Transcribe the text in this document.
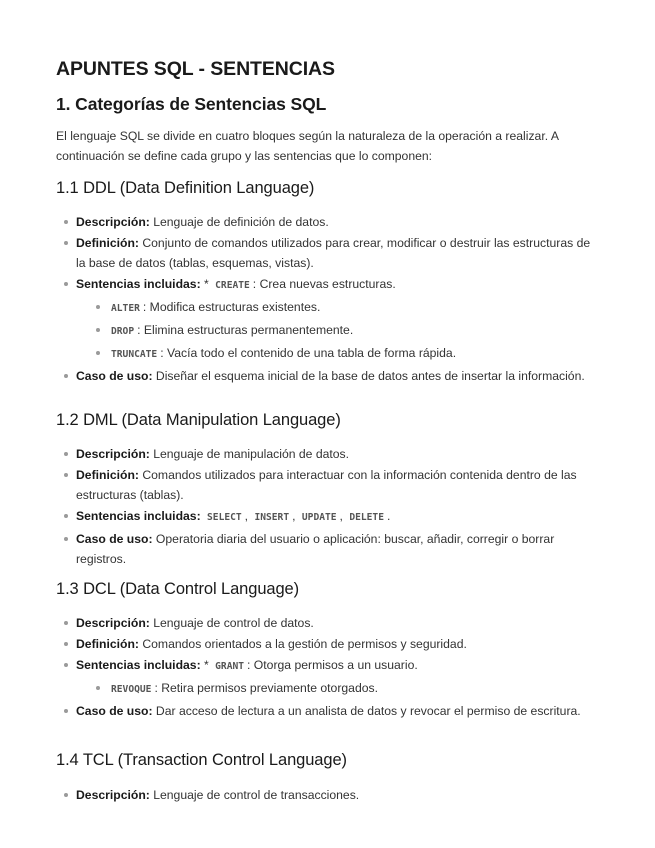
APUNTES SQL - SENTENCIAS
1. Categorías de Sentencias SQL

El lenguaje SQL se divide en cuatro bloques según la naturaleza de la operación a realizar. A continuación se define cada grupo y las sentencias que lo componen:

1.1 DDL (Data Definition Language)
Descripción: Lenguaje de definición de datos.
Definición: Conjunto de comandos utilizados para crear, modificar o destruir las estructuras de la base de datos (tablas, esquemas, vistas).
Sentencias incluidas: * CREATE : Crea nuevas estructuras.
ALTER : Modifica estructuras existentes.
DROP : Elimina estructuras permanentemente.
TRUNCATE : Vacía todo el contenido de una tabla de forma rápida.
Caso de uso: Diseñar el esquema inicial de la base de datos antes de insertar la información.
1.2 DML (Data Manipulation Language)
Descripción: Lenguaje de manipulación de datos.
Definición: Comandos utilizados para interactuar con la información contenida dentro de las estructuras (tablas).
Sentencias incluidas: SELECT , INSERT , UPDATE , DELETE .
Caso de uso: Operatoria diaria del usuario o aplicación: buscar, añadir, corregir o borrar registros.
1.3 DCL (Data Control Language)
Descripción: Lenguaje de control de datos.
Definición: Comandos orientados a la gestión de permisos y seguridad.
Sentencias incluidas: * GRANT : Otorga permisos a un usuario.
REVOQUE : Retira permisos previamente otorgados.
Caso de uso: Dar acceso de lectura a un analista de datos y revocar el permiso de escritura.
1.4 TCL (Transaction Control Language)
Descripción: Lenguaje de control de transacciones.
